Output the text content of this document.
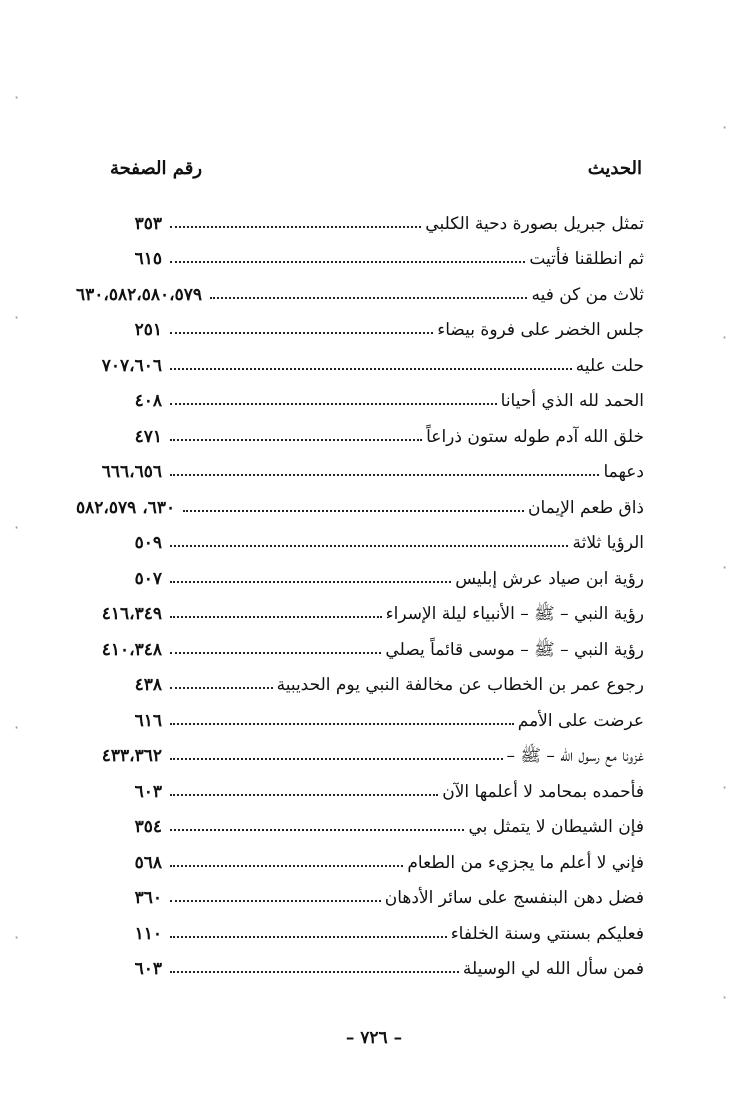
·
·
·
·
·
·
·
·
·
·
الحديث
رقم الصفحة
تمثل جبريل بصورة دحية الكلبي
٣٥٣
ثم انطلقنا فأتيت
٦١٥
ثلاث من كن فيه
٦٣٠،٥٨٢،٥٨٠،٥٧٩
جلس الخضر على فروة بيضاء
٢٥١
حلت عليه
٧٠٧،٦٠٦
الحمد لله الذي أحيانا
٤٠٨
خلق الله آدم طوله ستون ذراعاً
٤٧١
دعهما
٦٦٦،٦٥٦
ذاق طعم الإيمان
٦٣٠، ٥٨٢،٥٧٩
الرؤيا ثلاثة
٥٠٩
رؤية ابن صياد عرش إبليس
٥٠٧
رؤية النبي – ﷺ – الأنبياء ليلة الإسراء
٤١٦،٣٤٩
رؤية النبي – ﷺ – موسى قائماً يصلي
٤١٠،٣٤٨
رجوع عمر بن الخطاب عن مخالفة النبي يوم الحديبية
٤٣٨
عرضت على الأمم
٦١٦
غزونا مع رسول الله – ﷺ –
٤٣٣،٣٦٢
فأحمده بمحامد لا أعلمها الآن
٦٠٣
فإن الشيطان لا يتمثل بي
٣٥٤
فإني لا أعلم ما يجزيء من الطعام
٥٦٨
فضل دهن البنفسج على سائر الأدهان
٣٦٠
فعليكم بسنتي وسنة الخلفاء
١١٠
فمن سأل الله لي الوسيلة
٦٠٣
– ٧٢٦ –
